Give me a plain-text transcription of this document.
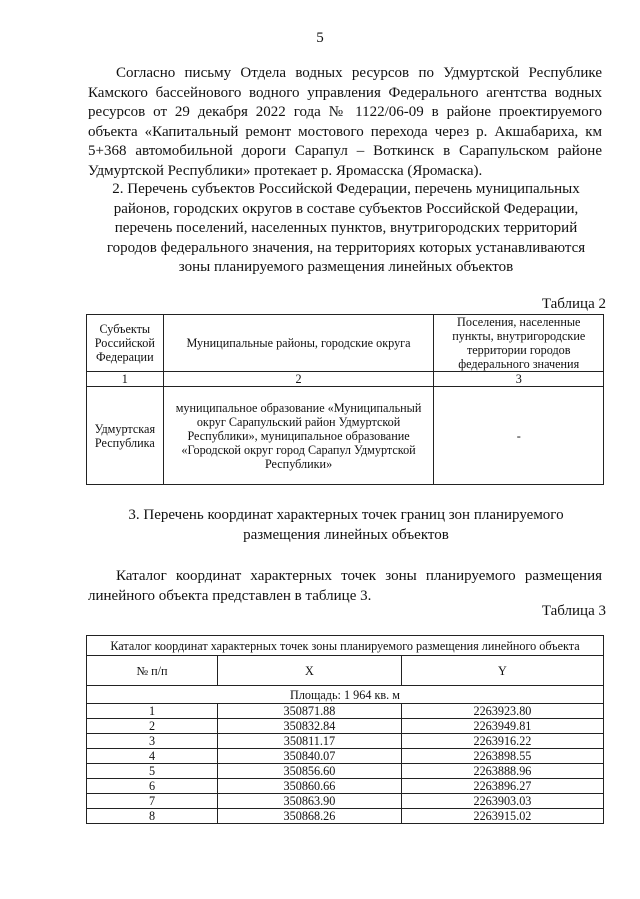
5
Согласно письму Отдела водных ресурсов по Удмуртской Республике Камского бассейнового водного управления Федерального агентства водных ресурсов от 29 декабря 2022 года № 1122/06-09 в районе проектируемого объекта «Капитальный ремонт мостового перехода через р. Акшабариха, км 5+368 автомобильной дороги Сарапул – Воткинск в Сарапульском районе Удмуртской Республики» протекает р. Яромасска (Яромаска).
2. Перечень субъектов Российской Федерации, перечень муниципальных районов, городских округов в составе субъектов Российской Федерации, перечень поселений, населенных пунктов, внутригородских территорий городов федерального значения, на территориях которых устанавливаются зоны планируемого размещения линейных объектов
Таблица 2
Субъекты Российской Федерации	Муниципальные районы, городские округа	Поселения, населенные пункты, внутригородские территории городов федерального значения
1	2	3
Удмуртская Республика	муниципальное образование «Муниципальный округ Сарапульский район Удмуртской Республики», муниципальное образование «Городской округ город Сарапул Удмуртской Республики»	-
3. Перечень координат характерных точек границ зон планируемого размещения линейных объектов
Каталог координат характерных точек зоны планируемого размещения линейного объекта представлен в таблице 3.
Таблица 3
Каталог координат характерных точек зоны планируемого размещения линейного объекта		
№ п/п	X	Y
Площадь: 1 964 кв. м		
1	350871.88	2263923.80
2	350832.84	2263949.81
3	350811.17	2263916.22
4	350840.07	2263898.55
5	350856.60	2263888.96
6	350860.66	2263896.27
7	350863.90	2263903.03
8	350868.26	2263915.02
